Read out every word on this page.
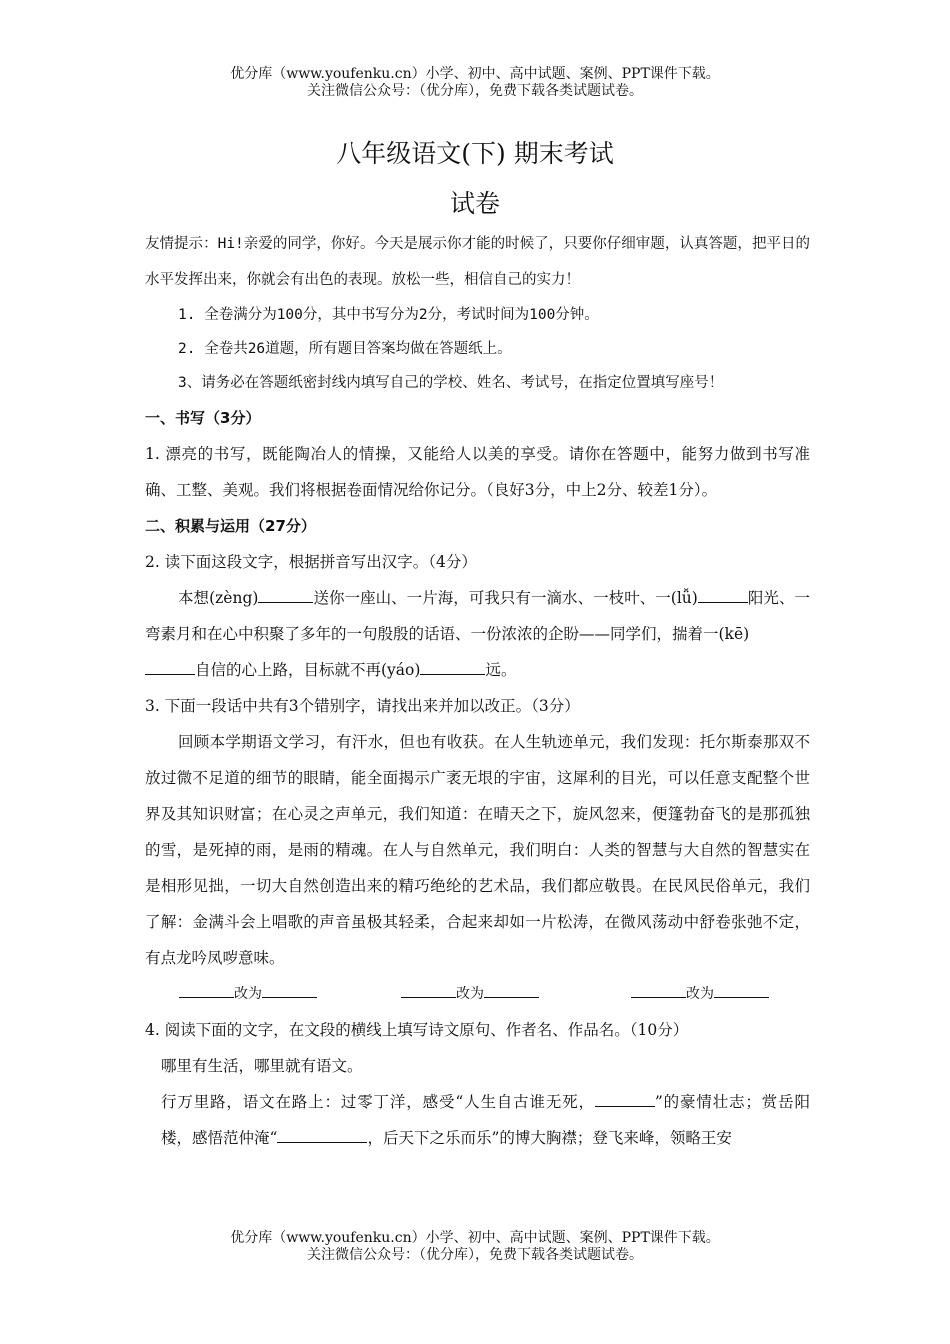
优分库（www.youfenku.cn）小学、初中、高中试题、案例、PPT课件下载。
关注微信公众号：（优分库），免费下载各类试题试卷。
八年级语文(下) 期末考试
试卷

友情提示：Hi!亲爱的同学，你好。今天是展示你才能的时候了，只要你仔细审题，认真答题，把平日的水平发挥出来，你就会有出色的表现。放松一些，相信自己的实力！

1. 全卷满分为100分，其中书写分为2分，考试时间为100分钟。

2. 全卷共26道题，所有题目答案均做在答题纸上。

3、请务必在答题纸密封线内填写自己的学校、姓名、考试号，在指定位置填写座号！

一、书写（3分）

1. 漂亮的书写，既能陶冶人的情操，又能给人以美的享受。请你在答题中，能努力做到书写准确、工整、美观。我们将根据卷面情况给你记分。（良好3分，中上2分、较差1分）。

二、积累与运用（27分）

2. 读下面这段文字，根据拼音写出汉字。（4分）

本想(zèng)	送你一座山、一片海，可我只有一滴水、一枝叶、一(lǚ)	阳光、一弯素月和在心中积聚了多年的一句殷殷的话语、一份浓浓的企盼——同学们，揣着一(kē)

自信的心上路，目标就不再(yáo)	远。

3. 下面一段话中共有3个错别字，请找出来并加以改正。（3分）

回顾本学期语文学习，有汗水，但也有收获。在人生轨迹单元，我们发现：托尔斯泰那双不放过微不足道的细节的眼睛，能全面揭示广袤无垠的宇宙，这犀利的目光，可以任意支配整个世界及其知识财富；在心灵之声单元，我们知道：在晴天之下，旋风忽来，便篷勃奋飞的是那孤独的雪，是死掉的雨，是雨的精魂。在人与自然单元，我们明白：人类的智慧与大自然的智慧实在是相形见拙，一切大自然创造出来的精巧绝纶的艺术品，我们都应敬畏。在民风民俗单元，我们了解：金满斗会上唱歌的声音虽极其轻柔，合起来却如一片松涛，在微风荡动中舒卷张弛不定，有点龙吟凤哕意味。

改为	改为	改为

4. 阅读下面的文字，在文段的横线上填写诗文原句、作者名、作品名。（10分）

哪里有生活，哪里就有语文。

行万里路，语文在路上：过零丁洋，感受“人生自古谁无死，	”的豪情壮志；赏岳阳楼，感悟范仲淹“	，后天下之乐而乐”的博大胸襟；登飞来峰，领略王安

优分库（www.youfenku.cn）小学、初中、高中试题、案例、PPT课件下载。
关注微信公众号：（优分库），免费下载各类试题试卷。
